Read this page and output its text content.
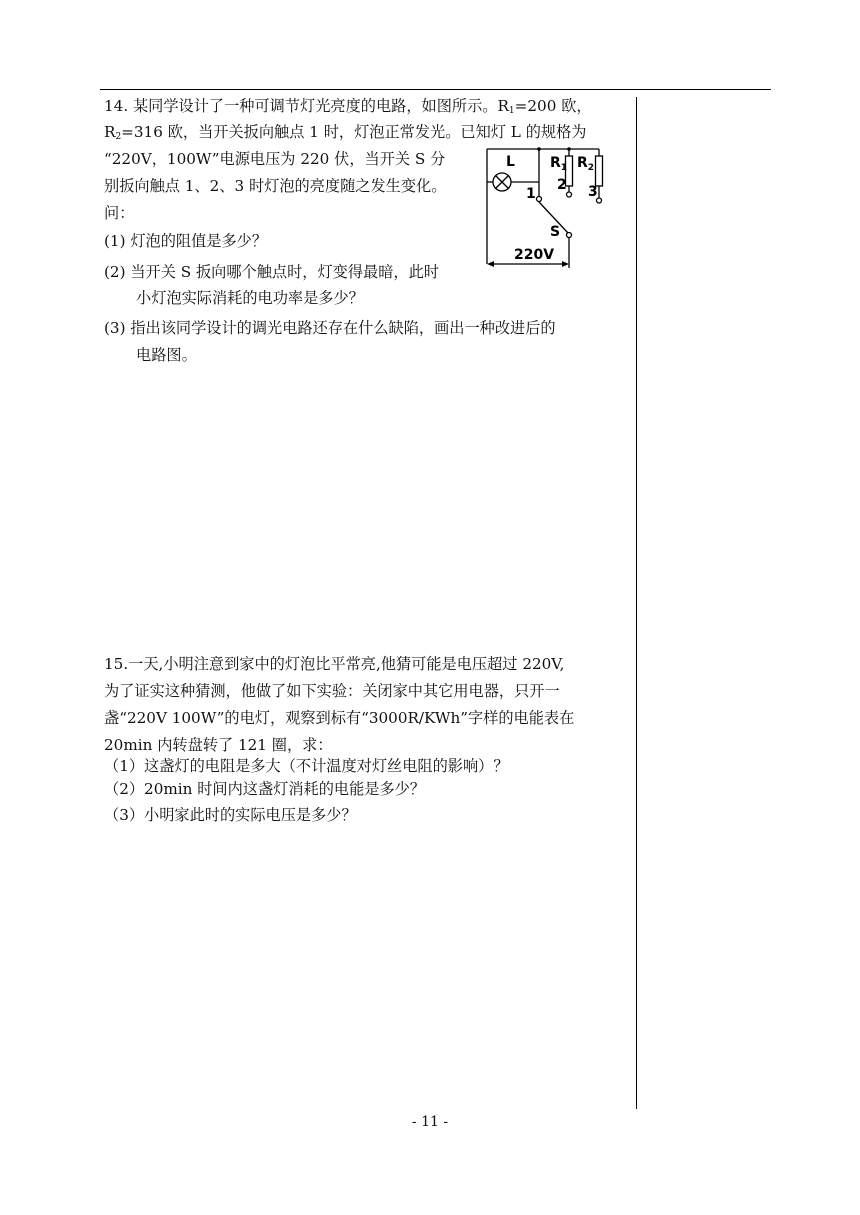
14. 某同学设计了一种可调节灯光亮度的电路，如图所示。$R_1=200$ 欧，
$R_2=316$ 欧，当开关扳向触点 1 时，灯泡正常发光。已知灯 L 的规格为
“220V，100W”电源电压为 220 伏，当开关 S 分
别扳向触点 1、2、3 时灯泡的亮度随之发生变化。
问：
(1) 灯泡的阻值是多少？
(2) 当开关 S 扳向哪个触点时，灯变得最暗，此时
小灯泡实际消耗的电功率是多少？
(3) 指出该同学设计的调光电路还存在什么缺陷，画出一种改进后的
电路图。
L	$R_1$ $R_2$
1
2 3
S
220V
15.一天,小明注意到家中的灯泡比平常亮,他猜可能是电压超过 220V,
为了证实这种猜测，他做了如下实验：关闭家中其它用电器，只开一
盏“220V 100W”的电灯，观察到标有“3000R/KWh”字样的电能表在
20min 内转盘转了 121 圈，求：
（1）这盏灯的电阻是多大（不计温度对灯丝电阻的影响）？
（2）20min 时间内这盏灯消耗的电能是多少？
（3）小明家此时的实际电压是多少？
- 11 -
